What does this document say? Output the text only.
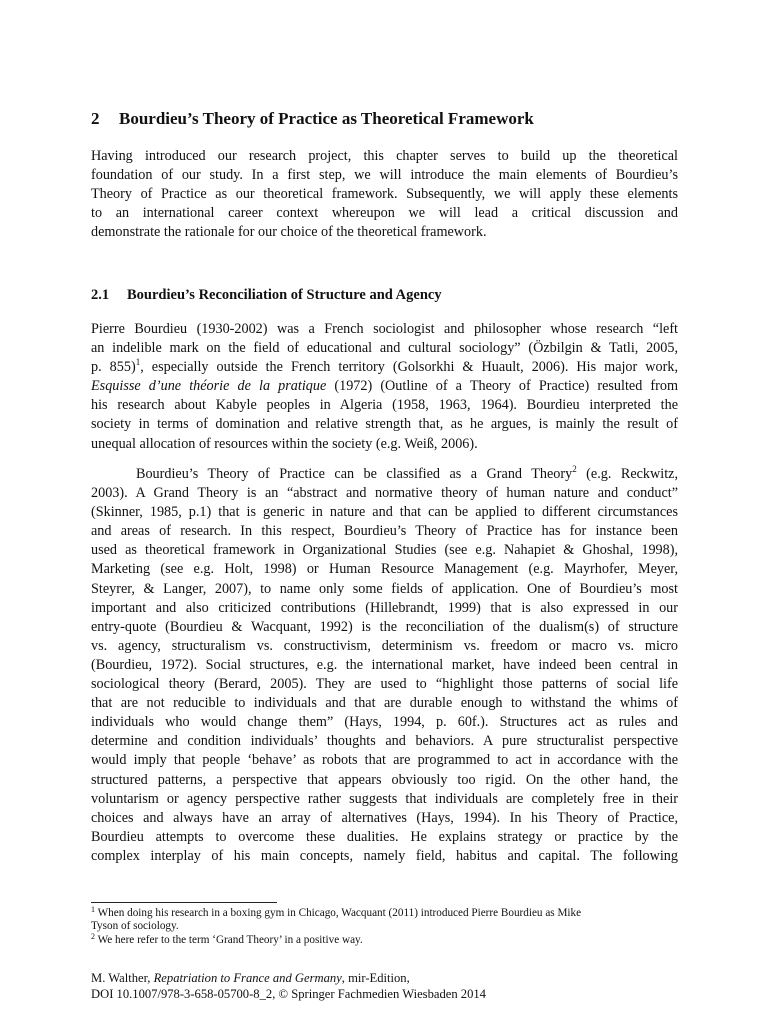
2 Bourdieu’s Theory of Practice as Theoretical Framework
Having introduced our research project, this chapter serves to build up the theoretical
foundation of our study. In a first step, we will introduce the main elements of Bourdieu’s
Theory of Practice as our theoretical framework. Subsequently, we will apply these elements
to an international career context whereupon we will lead a critical discussion and
demonstrate the rationale for our choice of the theoretical framework.
2.1 Bourdieu’s Reconciliation of Structure and Agency
Pierre Bourdieu (1930-2002) was a French sociologist and philosopher whose research “left
an indelible mark on the field of educational and cultural sociology” (Özbilgin & Tatli, 2005,
p. 855)$^1$, especially outside the French territory (Golsorkhi & Huault, 2006). His major work,
Esquisse d’une théorie de la pratique (1972) (Outline of a Theory of Practice) resulted from
his research about Kabyle peoples in Algeria (1958, 1963, 1964). Bourdieu interpreted the
society in terms of domination and relative strength that, as he argues, is mainly the result of
unequal allocation of resources within the society (e.g. Weiß, 2006).
Bourdieu’s Theory of Practice can be classified as a Grand Theory$^2$ (e.g. Reckwitz,
2003). A Grand Theory is an “abstract and normative theory of human nature and conduct”
(Skinner, 1985, p.1) that is generic in nature and that can be applied to different circumstances
and areas of research. In this respect, Bourdieu’s Theory of Practice has for instance been
used as theoretical framework in Organizational Studies (see e.g. Nahapiet & Ghoshal, 1998),
Marketing (see e.g. Holt, 1998) or Human Resource Management (e.g. Mayrhofer, Meyer,
Steyrer, & Langer, 2007), to name only some fields of application. One of Bourdieu’s most
important and also criticized contributions (Hillebrandt, 1999) that is also expressed in our
entry-quote (Bourdieu & Wacquant, 1992) is the reconciliation of the dualism(s) of structure
vs. agency, structuralism vs. constructivism, determinism vs. freedom or macro vs. micro
(Bourdieu, 1972). Social structures, e.g. the international market, have indeed been central in
sociological theory (Berard, 2005). They are used to “highlight those patterns of social life
that are not reducible to individuals and that are durable enough to withstand the whims of
individuals who would change them” (Hays, 1994, p. 60f.). Structures act as rules and
determine and condition individuals’ thoughts and behaviors. A pure structuralist perspective
would imply that people ‘behave’ as robots that are programmed to act in accordance with the
structured patterns, a perspective that appears obviously too rigid. On the other hand, the
voluntarism or agency perspective rather suggests that individuals are completely free in their
choices and always have an array of alternatives (Hays, 1994). In his Theory of Practice,
Bourdieu attempts to overcome these dualities. He explains strategy or practice by the
complex interplay of his main concepts, namely field, habitus and capital. The following
$^1$ When doing his research in a boxing gym in Chicago, Wacquant (2011) introduced Pierre Bourdieu as Mike
Tyson of sociology.
$^2$ We here refer to the term ‘Grand Theory’ in a positive way.
M. Walther, Repatriation to France and Germany, mir-Edition,
DOI 10.1007/978-3-658-05700-8_2, © Springer Fachmedien Wiesbaden 2014
